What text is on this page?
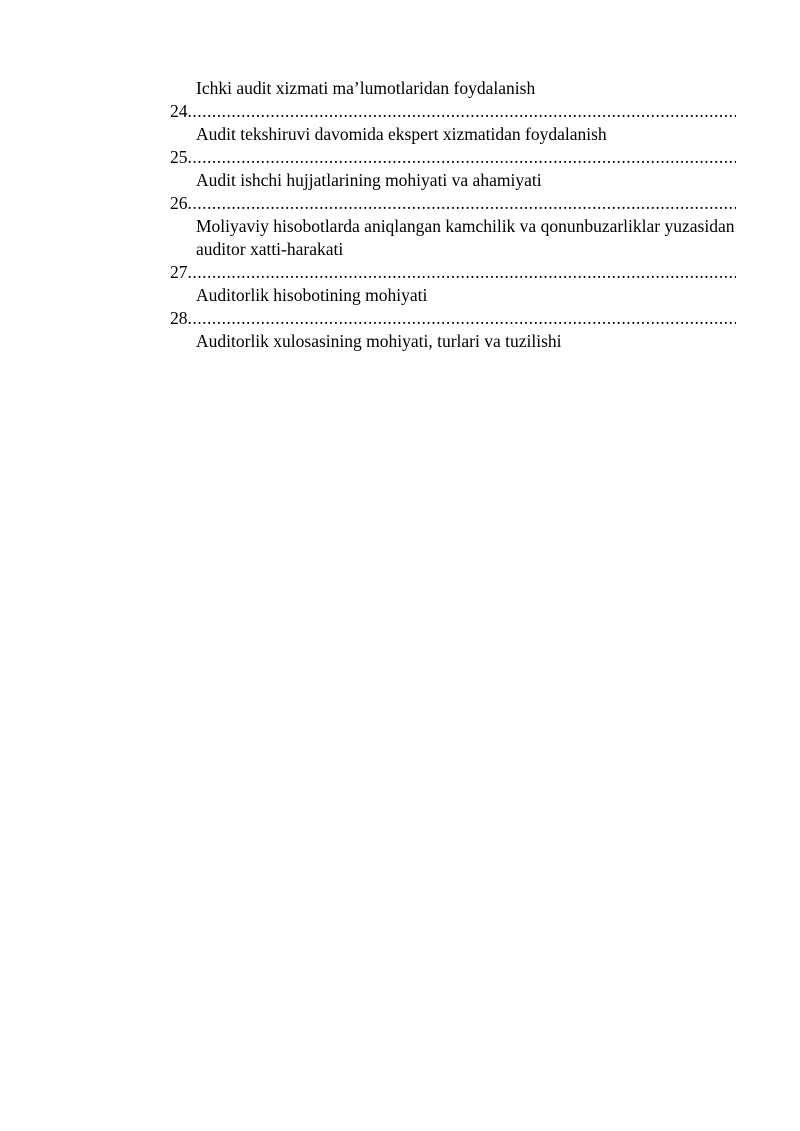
Ichki audit xizmati ma’lumotlaridan foydalanish
24
.....
Audit tekshiruvi davomida ekspert xizmatidan foydalanish
25
.....
Audit ishchi hujjatlarining mohiyati va ahamiyati
26
.....
Moliyaviy hisobotlarda aniqlangan kamchilik va qonunbuzarliklar yuzasidan auditor xatti-harakati
27
.....
Auditorlik hisobotining mohiyati
28
.....
Auditorlik xulosasining mohiyati, turlari va tuzilishi
